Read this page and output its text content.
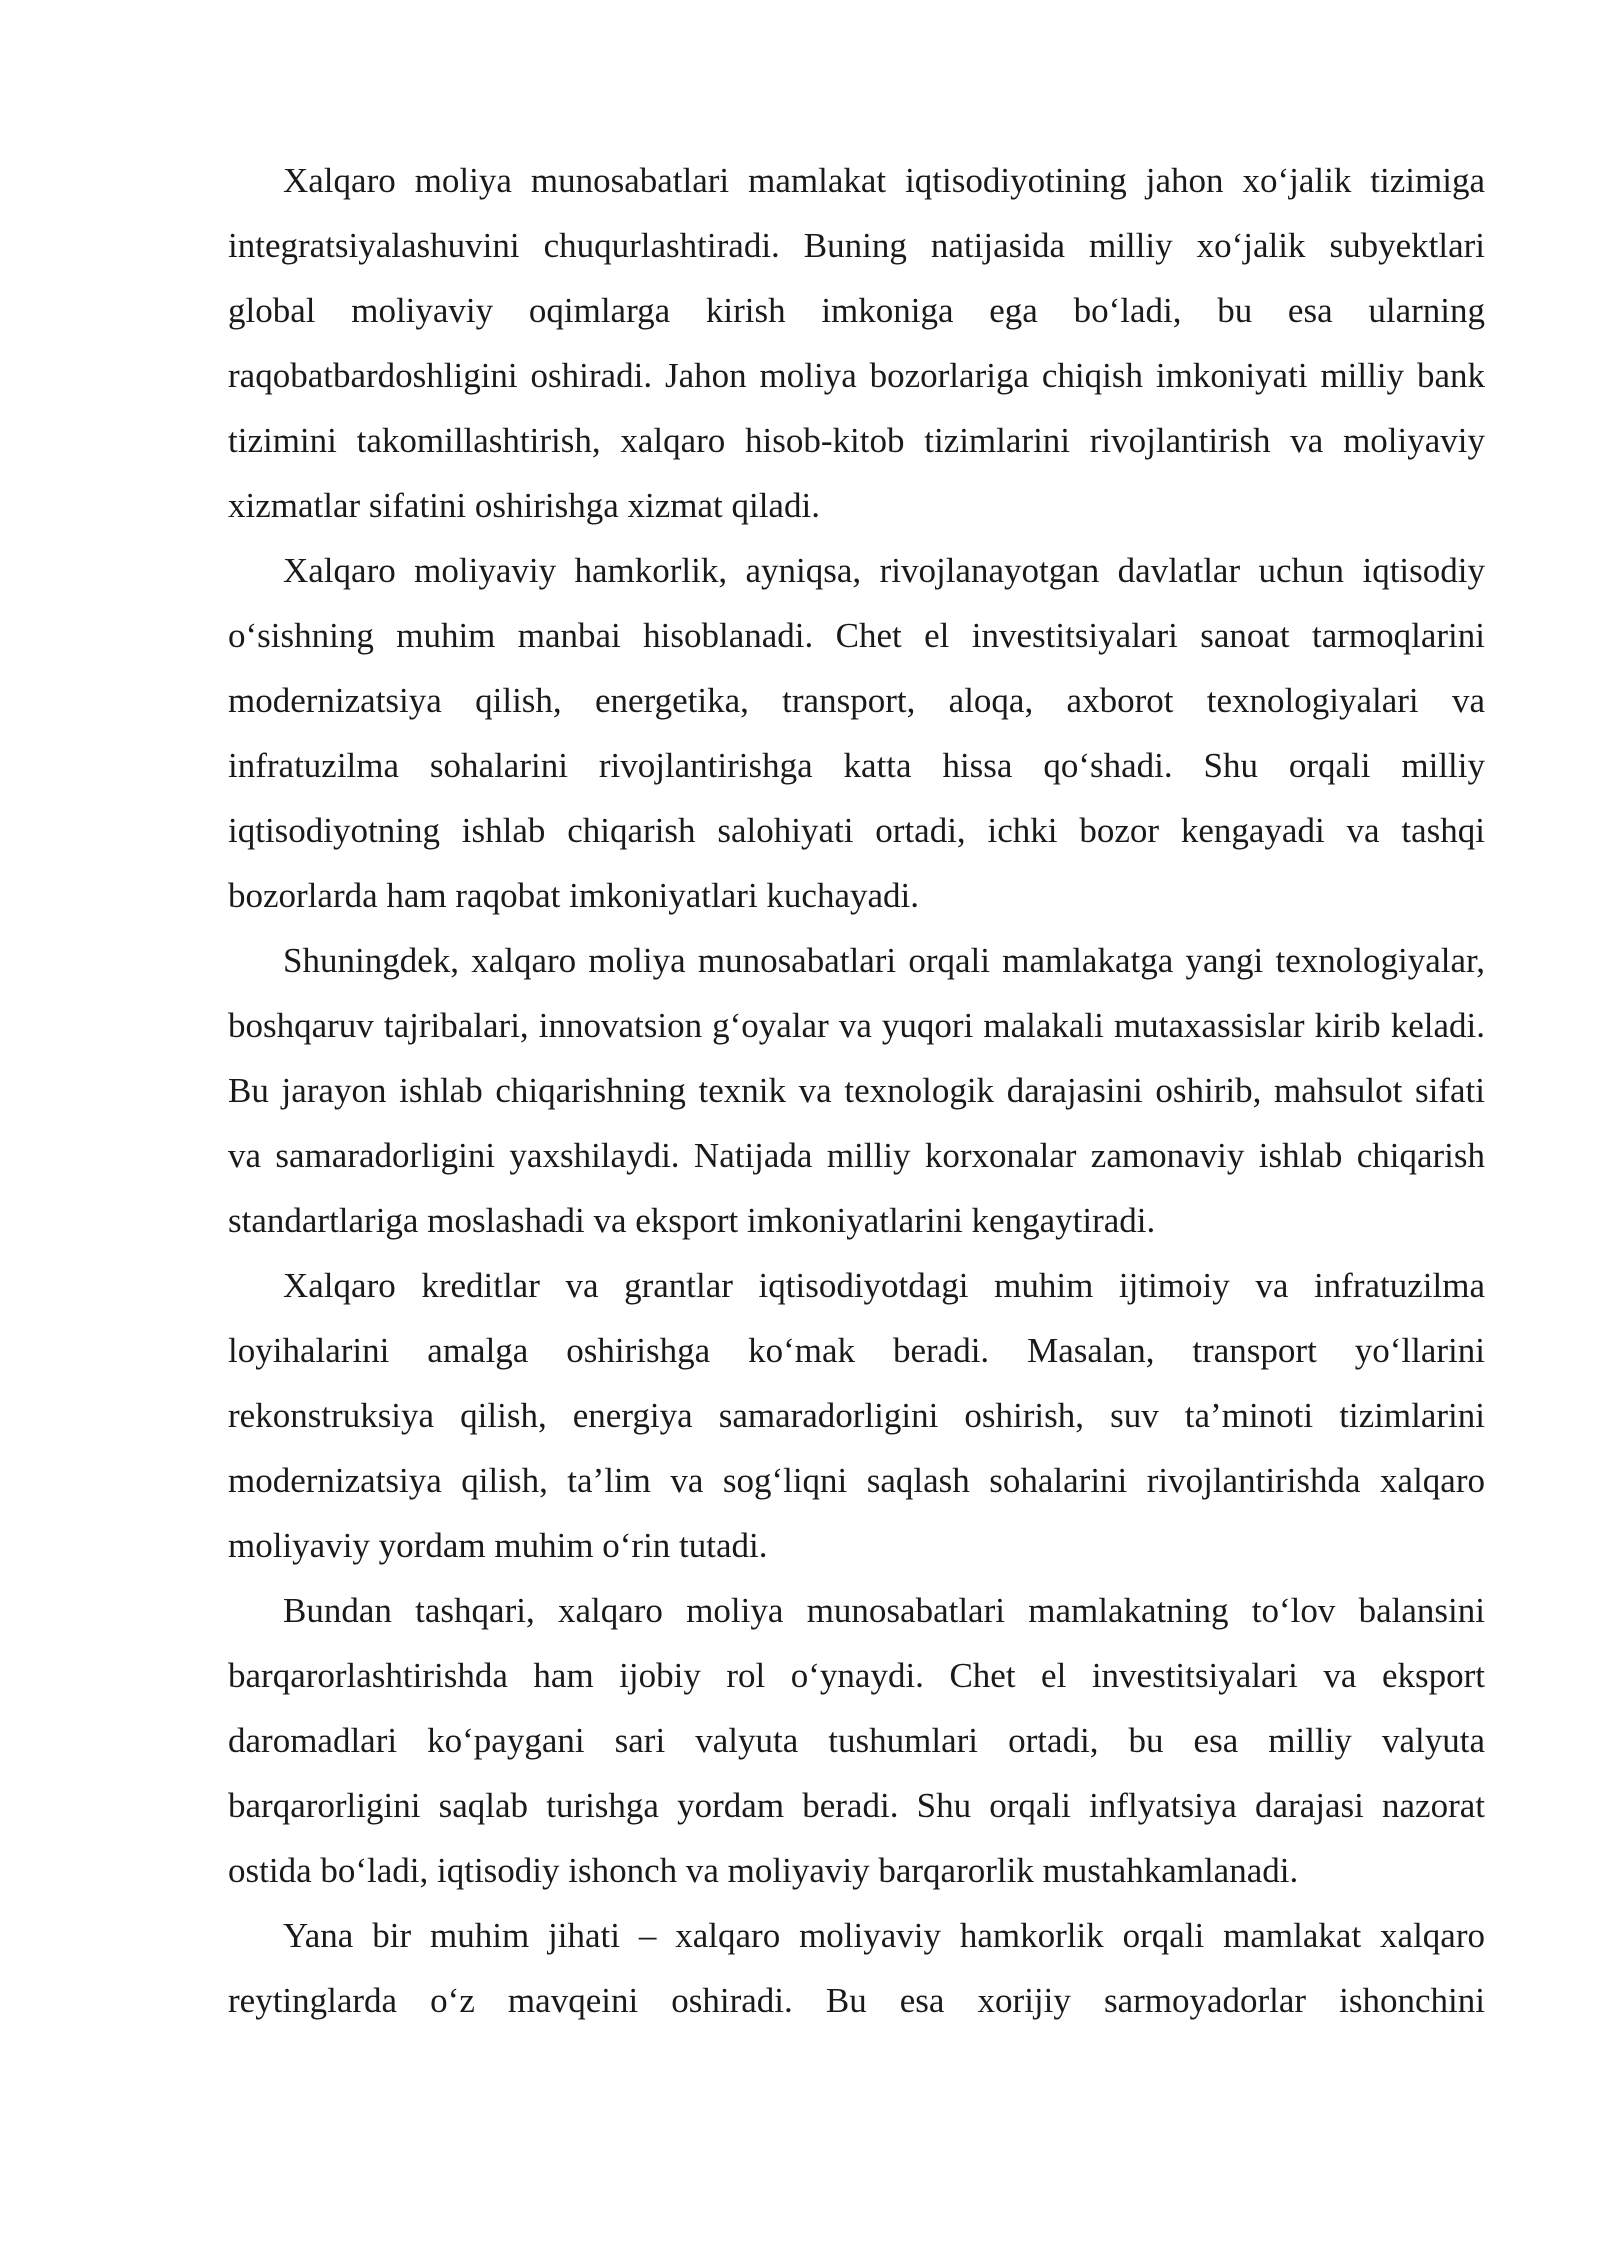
Xalqaro moliya munosabatlari mamlakat iqtisodiyotining jahon xo‘jalik tizimiga integratsiyalashuvini chuqurlashtiradi. Buning natijasida milliy xo‘jalik subyektlari global moliyaviy oqimlarga kirish imkoniga ega bo‘ladi, bu esa ularning raqobatbardoshligini oshiradi. Jahon moliya bozorlariga chiqish imkoniyati milliy bank tizimini takomillashtirish, xalqaro hisob-kitob tizimlarini rivojlantirish va moliyaviy xizmatlar sifatini oshirishga xizmat qiladi.

Xalqaro moliyaviy hamkorlik, ayniqsa, rivojlanayotgan davlatlar uchun iqtisodiy o‘sishning muhim manbai hisoblanadi. Chet el investitsiyalari sanoat tarmoqlarini modernizatsiya qilish, energetika, transport, aloqa, axborot texnologiyalari va infratuzilma sohalarini rivojlantirishga katta hissa qo‘shadi. Shu orqali milliy iqtisodiyotning ishlab chiqarish salohiyati ortadi, ichki bozor kengayadi va tashqi bozorlarda ham raqobat imkoniyatlari kuchayadi.

Shuningdek, xalqaro moliya munosabatlari orqali mamlakatga yangi texnologiyalar, boshqaruv tajribalari, innovatsion g‘oyalar va yuqori malakali mutaxassislar kirib keladi. Bu jarayon ishlab chiqarishning texnik va texnologik darajasini oshirib, mahsulot sifati va samaradorligini yaxshilaydi. Natijada milliy korxonalar zamonaviy ishlab chiqarish standartlariga moslashadi va eksport imkoniyatlarini kengaytiradi.

Xalqaro kreditlar va grantlar iqtisodiyotdagi muhim ijtimoiy va infratuzilma loyihalarini amalga oshirishga ko‘mak beradi. Masalan, transport yo‘llarini rekonstruksiya qilish, energiya samaradorligini oshirish, suv ta’minoti tizimlarini modernizatsiya qilish, ta’lim va sog‘liqni saqlash sohalarini rivojlantirishda xalqaro moliyaviy yordam muhim o‘rin tutadi.

Bundan tashqari, xalqaro moliya munosabatlari mamlakatning to‘lov balansini barqarorlashtirishda ham ijobiy rol o‘ynaydi. Chet el investitsiyalari va eksport daromadlari ko‘paygani sari valyuta tushumlari ortadi, bu esa milliy valyuta barqarorligini saqlab turishga yordam beradi. Shu orqali inflyatsiya darajasi nazorat ostida bo‘ladi, iqtisodiy ishonch va moliyaviy barqarorlik mustahkamlanadi.

Yana bir muhim jihati – xalqaro moliyaviy hamkorlik orqali mamlakat xalqaro reytinglarda o‘z mavqeini oshiradi. Bu esa xorijiy sarmoyadorlar ishonchini
